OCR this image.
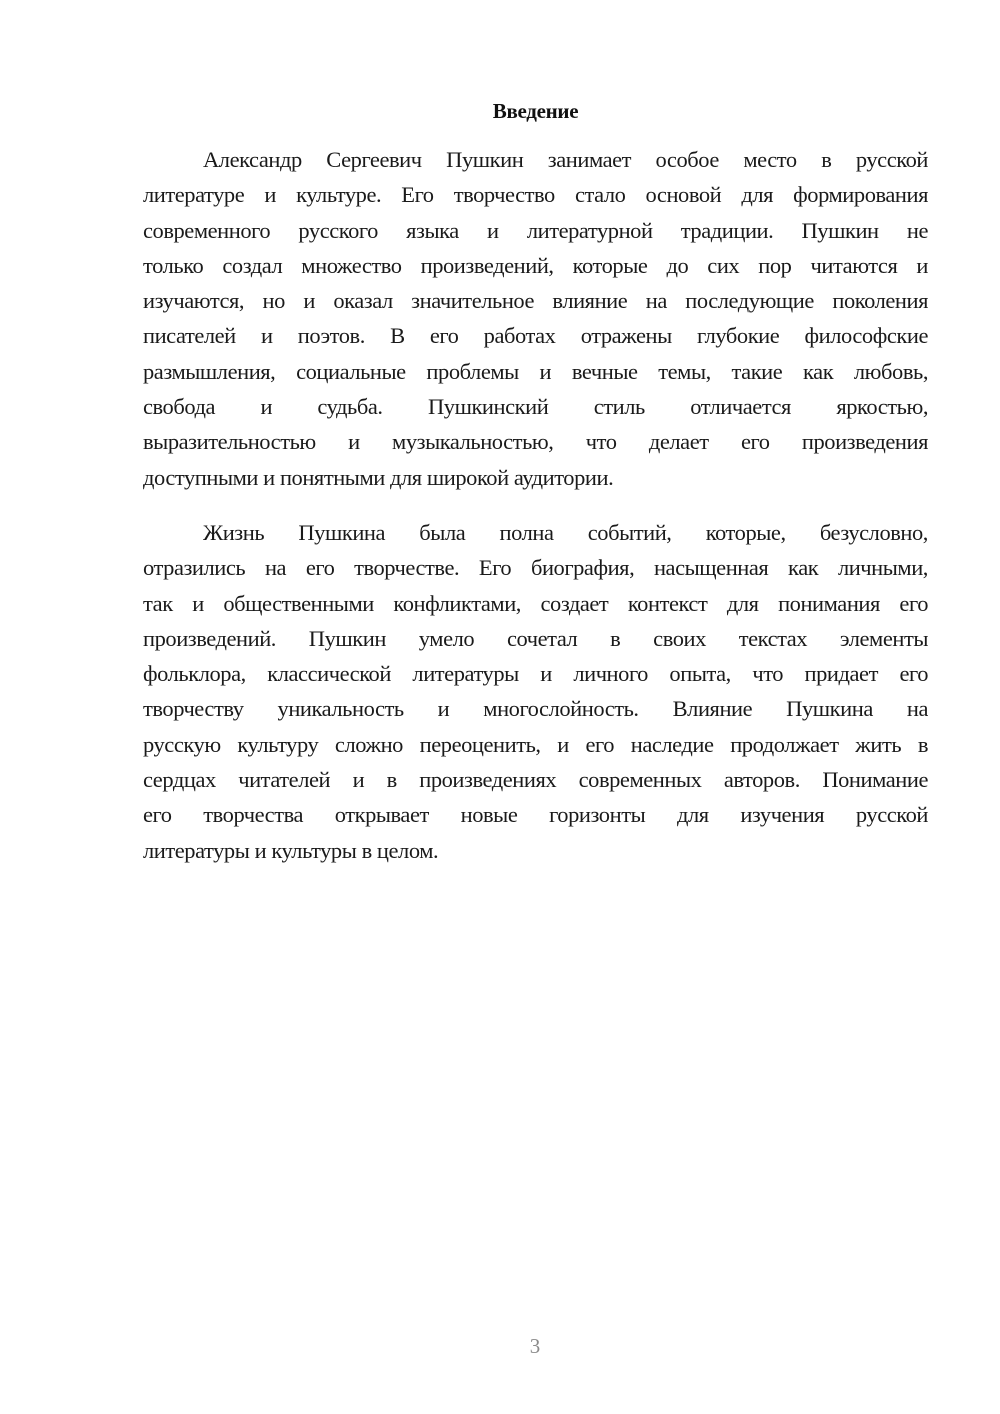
Введение
Александр Сергеевич Пушкин занимает особое место в русской
литературе и культуре. Его творчество стало основой для формирования
современного русского языка и литературной традиции. Пушкин не
только создал множество произведений, которые до сих пор читаются и
изучаются, но и оказал значительное влияние на последующие поколения
писателей и поэтов. В его работах отражены глубокие философские
размышления, социальные проблемы и вечные темы, такие как любовь,
свобода и судьба. Пушкинский стиль отличается яркостью,
выразительностью и музыкальностью, что делает его произведения
доступными и понятными для широкой аудитории.
Жизнь Пушкина была полна событий, которые, безусловно,
отразились на его творчестве. Его биография, насыщенная как личными,
так и общественными конфликтами, создает контекст для понимания его
произведений. Пушкин умело сочетал в своих текстах элементы
фольклора, классической литературы и личного опыта, что придает его
творчеству уникальность и многослойность. Влияние Пушкина на
русскую культуру сложно переоценить, и его наследие продолжает жить в
сердцах читателей и в произведениях современных авторов. Понимание
его творчества открывает новые горизонты для изучения русской
литературы и культуры в целом.
3
